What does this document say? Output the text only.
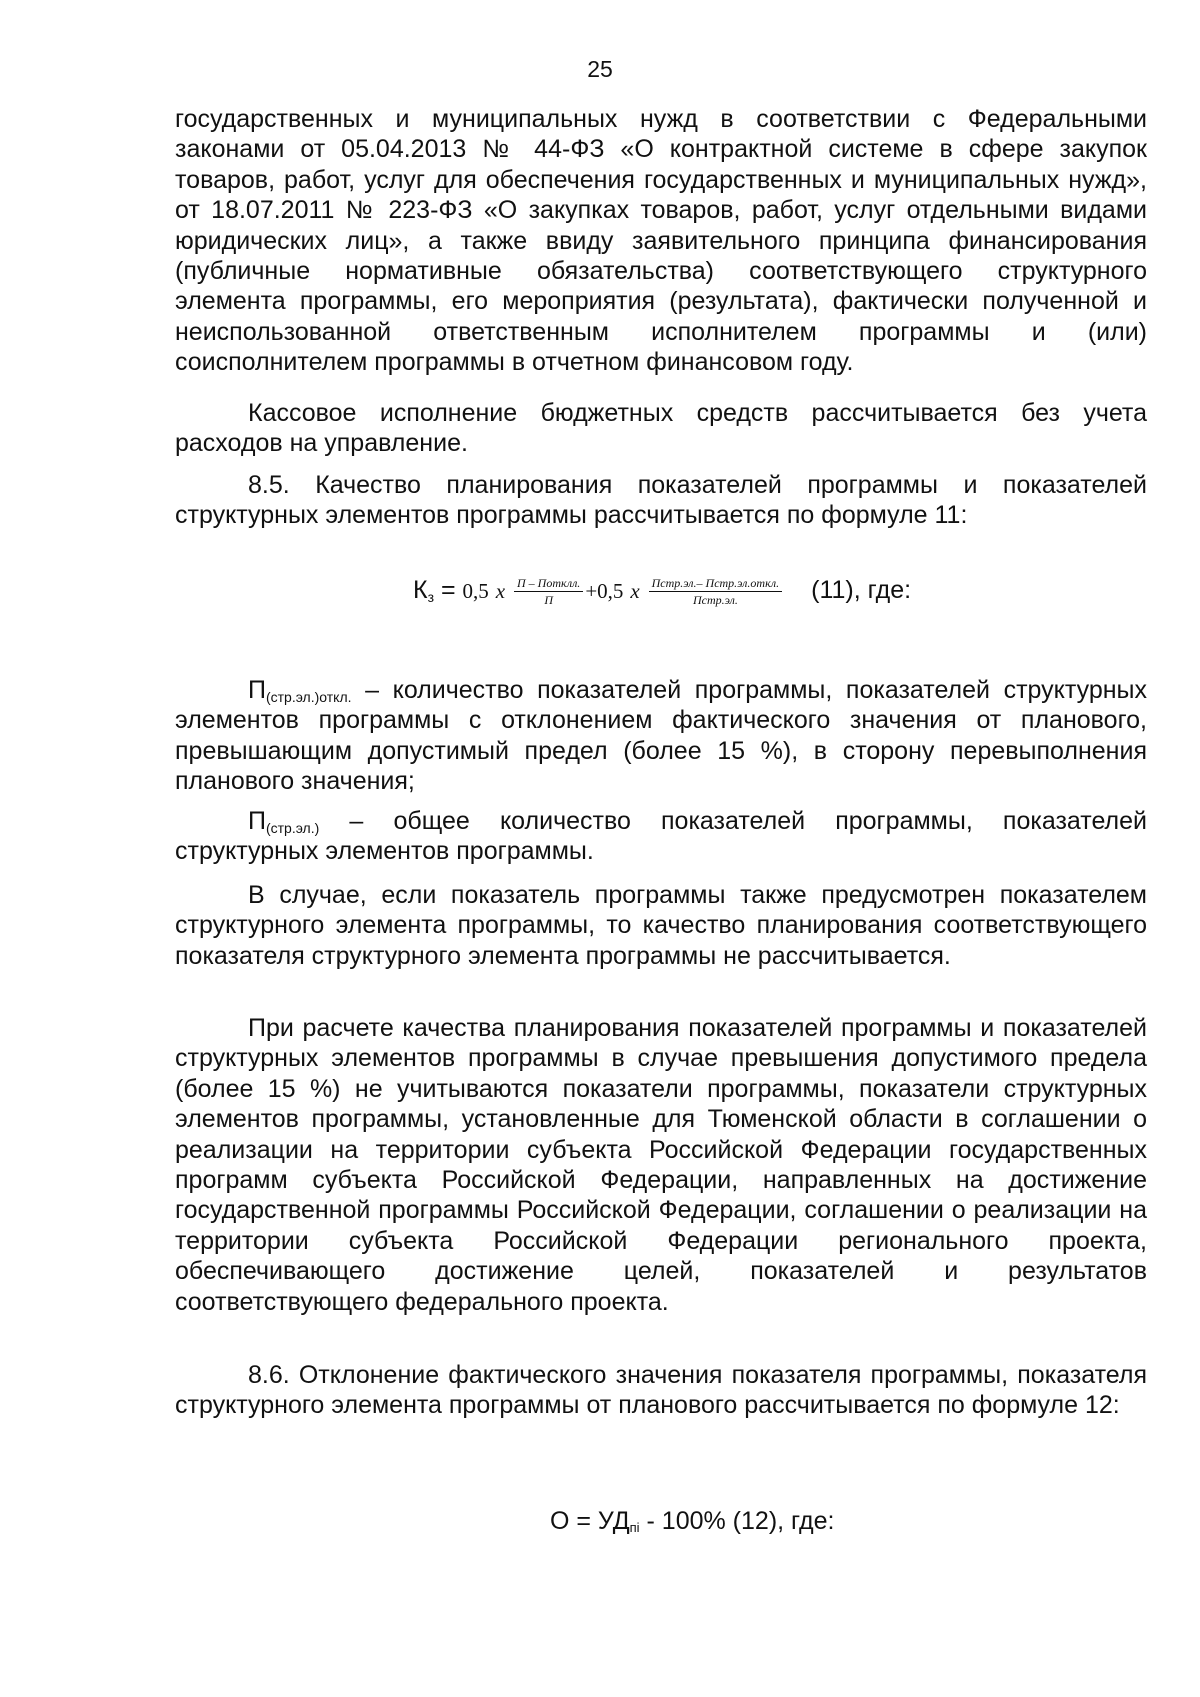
25

государственных и муниципальных нужд в соответствии с Федеральными законами от 05.04.2013 № 44-ФЗ «О контрактной системе в сфере закупок товаров, работ, услуг для обеспечения государственных и муниципальных нужд», от 18.07.2011 № 223-ФЗ «О закупках товаров, работ, услуг отдельными видами юридических лиц», а также ввиду заявительного принципа финансирования (публичные нормативные обязательства) соответствующего структурного элемента программы, его мероприятия (результата), фактически полученной и неиспользованной ответственным исполнителем программы и (или) соисполнителем программы в отчетном финансовом году.

Кассовое исполнение бюджетных средств рассчитывается без учета расходов на управление.

8.5. Качество планирования показателей программы и показателей структурных элементов программы рассчитывается по формуле 11:

$К_з = 0,5$ x $\frac{\text{П – Потклл.}}{П} +0,5$ x $\frac{\text{Пстр.эл.– Пстр.эл.откл.}}{\text{Пстр.эл.}} (11)$, где:

$П_{(стр.эл.)откл.}$ – количество показателей программы, показателей структурных элементов программы с отклонением фактического значения от планового, превышающим допустимый предел (более 15 %), в сторону перевыполнения планового значения;

$П_{(стр.эл.)}$ – общее количество показателей программы, показателей структурных элементов программы.

В случае, если показатель программы также предусмотрен показателем структурного элемента программы, то качество планирования соответствующего показателя структурного элемента программы не рассчитывается.

При расчете качества планирования показателей программы и показателей структурных элементов программы в случае превышения допустимого предела (более 15 %) не учитываются показатели программы, показатели структурных элементов программы, установленные для Тюменской области в соглашении о реализации на территории субъекта Российской Федерации государственных программ субъекта Российской Федерации, направленных на достижение государственной программы Российской Федерации, соглашении о реализации на территории субъекта Российской Федерации регионального проекта, обеспечивающего достижение целей, показателей и результатов соответствующего федерального проекта.

8.6. Отклонение фактического значения показателя программы, показателя структурного элемента программы от планового рассчитывается по формуле 12:

О = УДпі - 100% (12), где:
